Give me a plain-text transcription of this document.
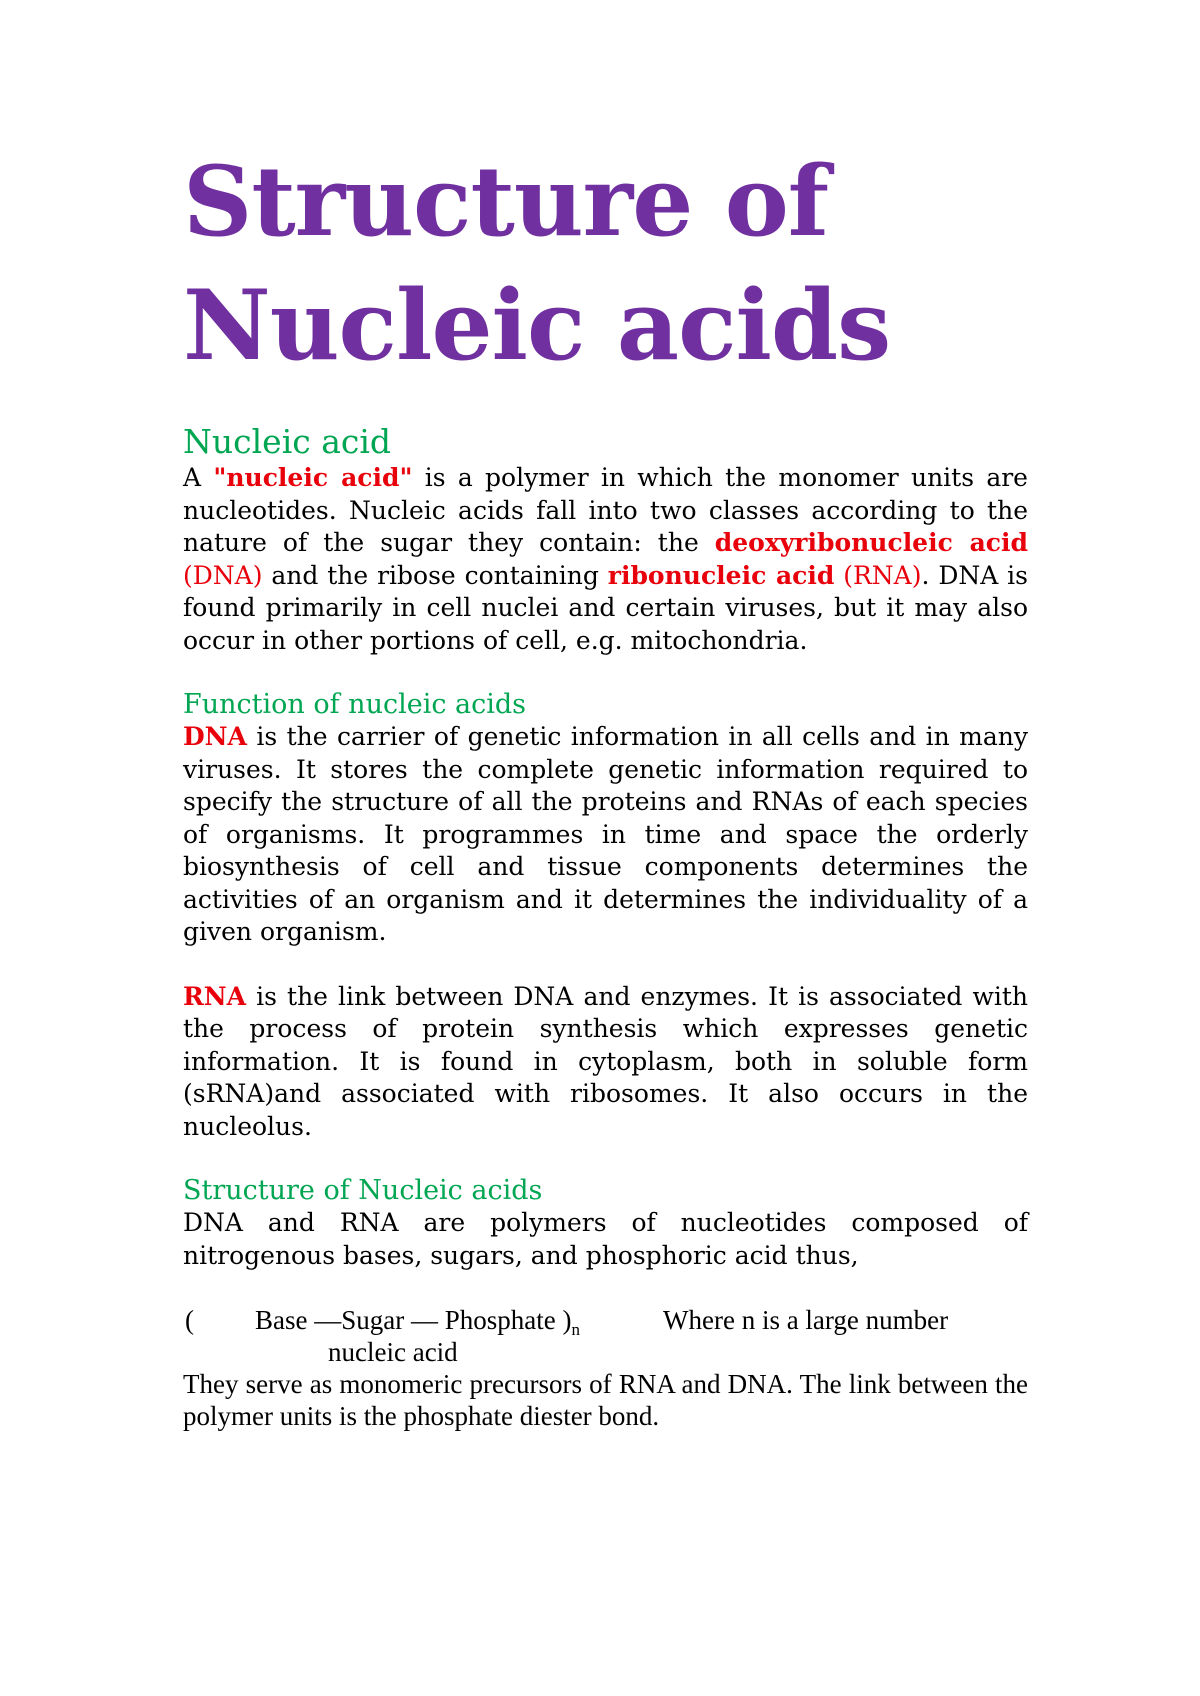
Structure of
Nucleic acids
Nucleic acid

A "nucleic acid" is a polymer in which the monomer units are nucleotides. Nucleic acids fall into two classes according to the nature of the sugar they contain: the deoxyribonucleic acid (DNA) and the ribose containing ribonucleic acid (RNA). DNA is found primarily in cell nuclei and certain viruses, but it may also occur in other portions of cell, e.g. mitochondria.

Function of nucleic acids

DNA is the carrier of genetic information in all cells and in many viruses. It stores the complete genetic information required to specify the structure of all the proteins and RNAs of each species of organisms. It programmes in time and space the orderly biosynthesis of cell and tissue components determines the activities of an organism and it determines the individuality of a given organism.

RNA is the link between DNA and enzymes. It is associated with the process of protein synthesis which expresses genetic information. It is found in cytoplasm, both in soluble form (sRNA)and associated with ribosomes. It also occurs in the nucleolus.

Structure of Nucleic acids

DNA and RNA are polymers of nucleotides composed of nitrogenous bases, sugars, and phosphoric acid thus,

( Base —Sugar — Phosphate )$_n$	Where n is a large number
nucleic acid

They serve as monomeric precursors of RNA and DNA. The link between the polymer units is the phosphate diester bond.
